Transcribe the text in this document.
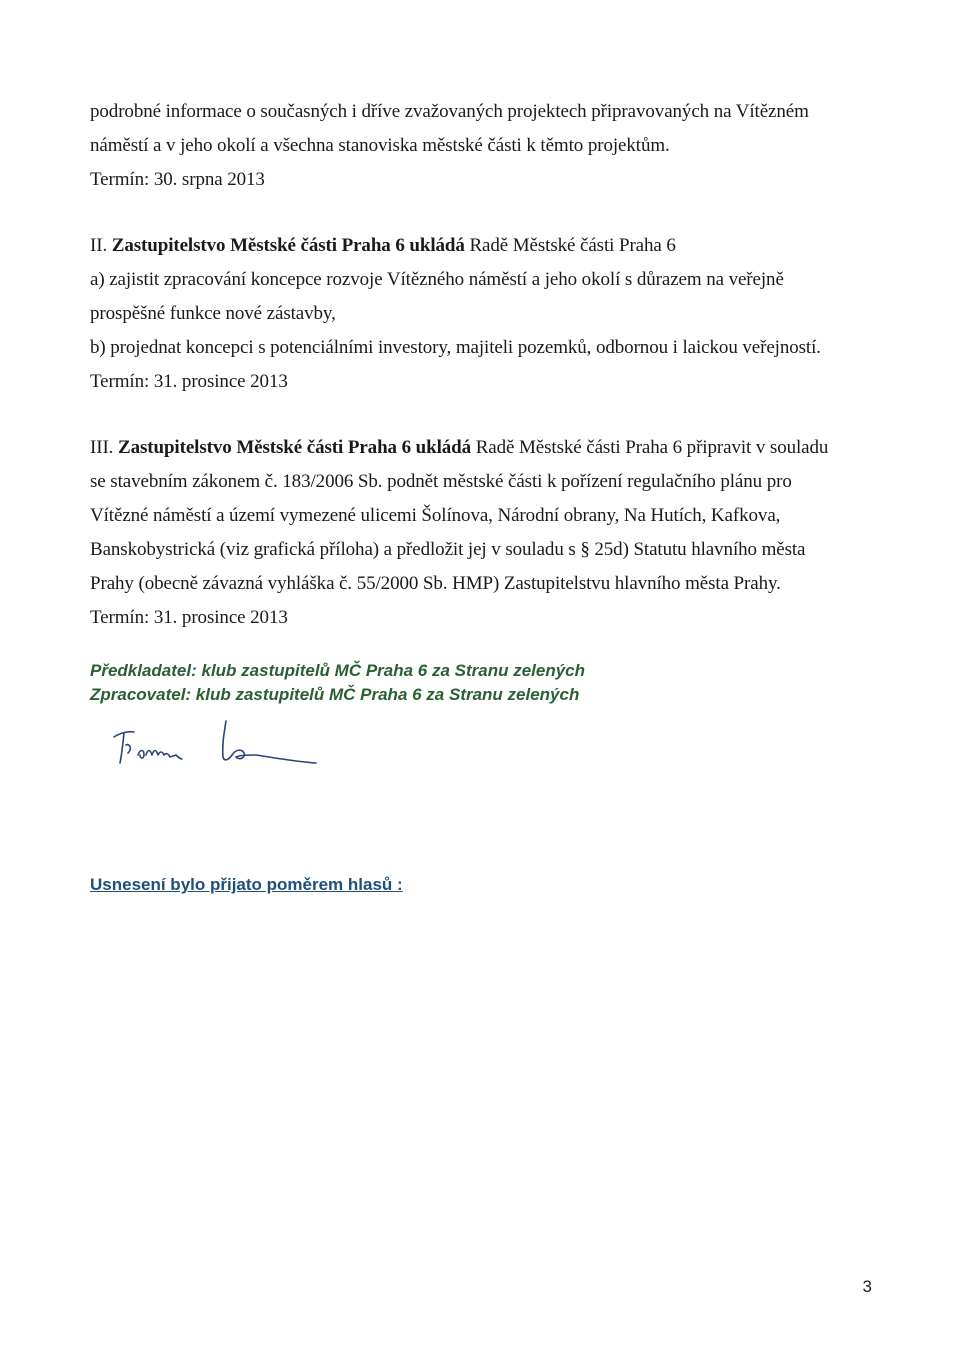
podrobné informace o současných i dříve zvažovaných projektech připravovaných na Vítězném
náměstí a v jeho okolí a všechna stanoviska městské části k těmto projektům.
Termín: 30. srpna 2013
II. Zastupitelstvo Městské části Praha 6 ukládá Radě Městské části Praha 6
a) zajistit zpracování koncepce rozvoje Vítězného náměstí a jeho okolí s důrazem na veřejně
prospěšné funkce nové zástavby,
b) projednat koncepci s potenciálními investory, majiteli pozemků, odbornou i laickou veřejností.
Termín: 31. prosince 2013
III. Zastupitelstvo Městské části Praha 6 ukládá Radě Městské části Praha 6 připravit v souladu
se stavebním zákonem č. 183/2006 Sb. podnět městské části k pořízení regulačního plánu pro
Vítězné náměstí a území vymezené ulicemi Šolínova, Národní obrany, Na Hutích, Kafkova,
Banskobystrická (viz grafická příloha) a předložit jej v souladu s § 25d) Statutu hlavního města
Prahy (obecně závazná vyhláška č. 55/2000 Sb. HMP) Zastupitelstvu hlavního města Prahy.
Termín: 31. prosince 2013
Předkladatel: klub zastupitelů MČ Praha 6 za Stranu zelených
Zpracovatel: klub zastupitelů MČ Praha 6 za Stranu zelených
Usnesení bylo přijato poměrem hlasů :
3
